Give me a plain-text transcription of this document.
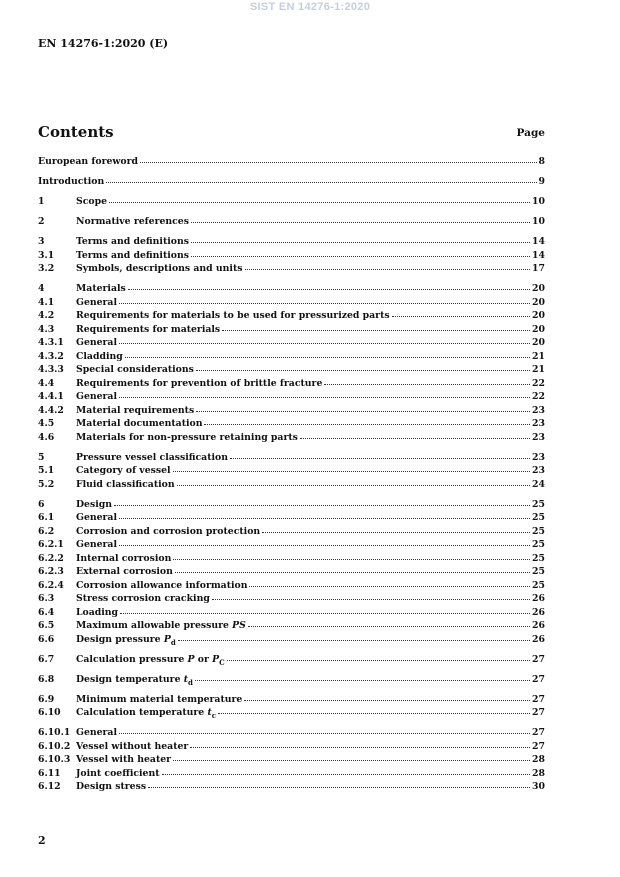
SIST EN 14276-1:2020
EN 14276-1:2020 (E)
Contents	Page
European foreword	8
Introduction	9
1	Scope	10
2	Normative references	10
3	Terms and definitions	14
3.1	Terms and definitions	14
3.2	Symbols, descriptions and units	17
4	Materials	20
4.1	General	20
4.2	Requirements for materials to be used for pressurized parts	20
4.3	Requirements for materials	20
4.3.1	General	20
4.3.2	Cladding	21
4.3.3	Special considerations	21
4.4	Requirements for prevention of brittle fracture	22
4.4.1	General	22
4.4.2	Material requirements	23
4.5	Material documentation	23
4.6	Materials for non-pressure retaining parts	23
5	Pressure vessel classification	23
5.1	Category of vessel	23
5.2	Fluid classification	24
6	Design	25
6.1	General	25
6.2	Corrosion and corrosion protection	25
6.2.1	General	25
6.2.2	Internal corrosion	25
6.2.3	External corrosion	25
6.2.4	Corrosion allowance information	25
6.3	Stress corrosion cracking	26
6.4	Loading	26
6.5	Maximum allowable pressure PS	26
6.6	Design pressure $P_d$	26
6.7	Calculation pressure P or $P_C$	27
6.8	Design temperature $t_d$	27
6.9	Minimum material temperature	27
6.10	Calculation temperature $t_c$	27
6.10.1 General	27
6.10.2 Vessel without heater	27
6.10.3 Vessel with heater	28
6.11	Joint coefficient	28
6.12	Design stress	30
2
